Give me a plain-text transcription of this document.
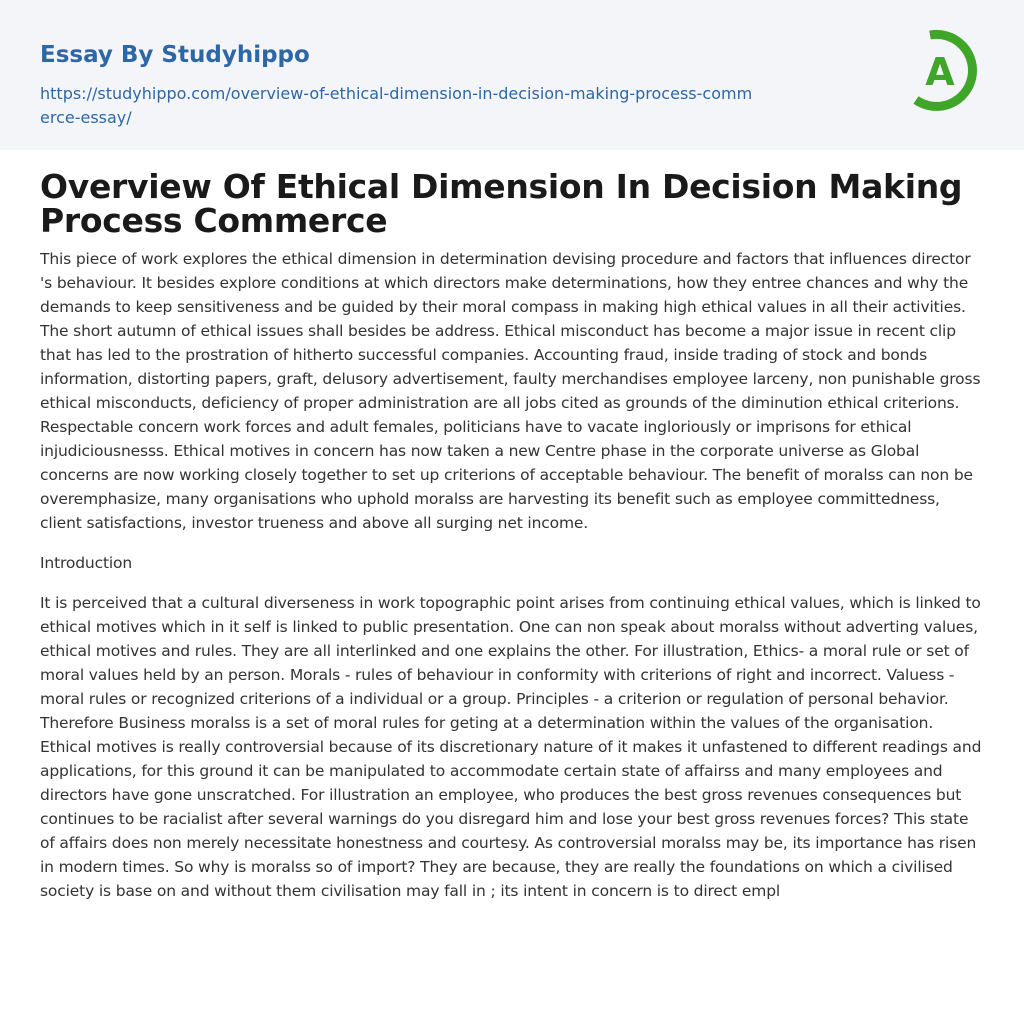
Essay By Studyhippo
https://studyhippo.com/overview-of-ethical-dimension-in-decision-making-process-commerce-essay/
A
Overview Of Ethical Dimension In Decision Making Process Commerce

This piece of work explores the ethical dimension in determination devising procedure and factors that influences director 's behaviour. It besides explore conditions at which directors make determinations, how they entree chances and why the demands to keep sensitiveness and be guided by their moral compass in making high ethical values in all their activities. The short autumn of ethical issues shall besides be address. Ethical misconduct has become a major issue in recent clip that has led to the prostration of hitherto successful companies. Accounting fraud, inside trading of stock and bonds information, distorting papers, graft, delusory advertisement, faulty merchandises employee larceny, non punishable gross ethical misconducts, deficiency of proper administration are all jobs cited as grounds of the diminution ethical criterions. Respectable concern work forces and adult females, politicians have to vacate ingloriously or imprisons for ethical injudiciousnesss. Ethical motives in concern has now taken a new Centre phase in the corporate universe as Global concerns are now working closely together to set up criterions of acceptable behaviour. The benefit of moralss can non be overemphasize, many organisations who uphold moralss are harvesting its benefit such as employee committedness, client satisfactions, investor trueness and above all surging net income.

Introduction

It is perceived that a cultural diverseness in work topographic point arises from continuing ethical values, which is linked to ethical motives which in it self is linked to public presentation. One can non speak about moralss without adverting values, ethical motives and rules. They are all interlinked and one explains the other. For illustration, Ethics- a moral rule or set of moral values held by an person. Morals - rules of behaviour in conformity with criterions of right and incorrect. Valuess - moral rules or recognized criterions of a individual or a group. Principles - a criterion or regulation of personal behavior. Therefore Business moralss is a set of moral rules for geting at a determination within the values of the organisation. Ethical motives is really controversial because of its discretionary nature of it makes it unfastened to different readings and applications, for this ground it can be manipulated to accommodate certain state of affairss and many employees and directors have gone unscratched. For illustration an employee, who produces the best gross revenues consequences but continues to be racialist after several warnings do you disregard him and lose your best gross revenues forces? This state of affairs does non merely necessitate honestness and courtesy. As controversial moralss may be, its importance has risen in modern times. So why is moralss so of import? They are because, they are really the foundations on which a civilised society is base on and without them civilisation may fall in ; its intent in concern is to direct empl
